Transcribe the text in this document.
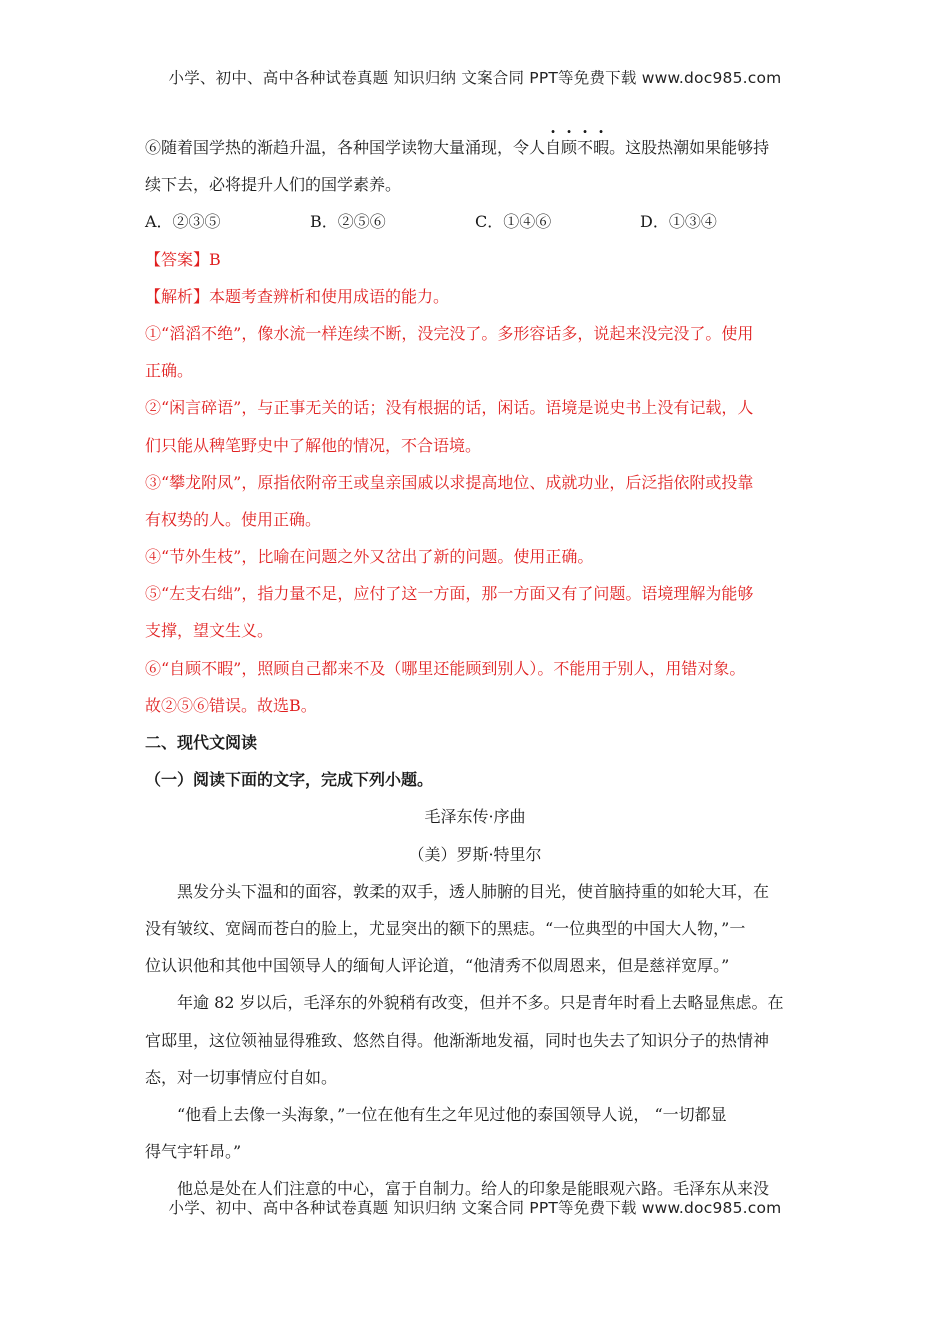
小学、初中、高中各种试卷真题 知识归纳 文案合同 PPT等免费下载 www.doc985.com
⑥随着国学热的渐趋升温，各种国学读物大量涌现，令人自顾不暇。这股热潮如果能够持
续下去，必将提升人们的国学素养。
A．②③⑤	B．②⑤⑥	C．①④⑥	D．①③④
【答案】B
【解析】本题考查辨析和使用成语的能力。
①“滔滔不绝”，像水流一样连续不断，没完没了。多形容话多，说起来没完没了。使用
正确。
②“闲言碎语”，与正事无关的话；没有根据的话，闲话。语境是说史书上没有记载，人
们只能从稗笔野史中了解他的情况，不合语境。
③“攀龙附凤”，原指依附帝王或皇亲国戚以求提高地位、成就功业，后泛指依附或投靠
有权势的人。使用正确。
④“节外生枝”，比喻在问题之外又岔出了新的问题。使用正确。
⑤“左支右绌”，指力量不足，应付了这一方面，那一方面又有了问题。语境理解为能够
支撑，望文生义。
⑥“自顾不暇”，照顾自己都来不及（哪里还能顾到别人）。不能用于别人，用错对象。
故②⑤⑥错误。故选B。
二、现代文阅读
（一）阅读下面的文字，完成下列小题。
毛泽东传·序曲
（美）罗斯·特里尔
黑发分头下温和的面容，敦柔的双手，透人肺腑的目光，使首脑持重的如轮大耳，在
没有皱纹、宽阔而苍白的脸上，尤显突出的额下的黑痣。“一位典型的中国大人物，”一
位认识他和其他中国领导人的缅甸人评论道，“他清秀不似周恩来，但是慈祥宽厚。”
年逾 82 岁以后，毛泽东的外貌稍有改变，但并不多。只是青年时看上去略显焦虑。在
官邸里，这位领袖显得雅致、悠然自得。他渐渐地发福，同时也失去了知识分子的热情神
态，对一切事情应付自如。
“他看上去像一头海象，”一位在他有生之年见过他的泰国领导人说， “一切都显
得气宇轩昂。”
他总是处在人们注意的中心，富于自制力。给人的印象是能眼观六路。毛泽东从来没
小学、初中、高中各种试卷真题 知识归纳 文案合同 PPT等免费下载 www.doc985.com
